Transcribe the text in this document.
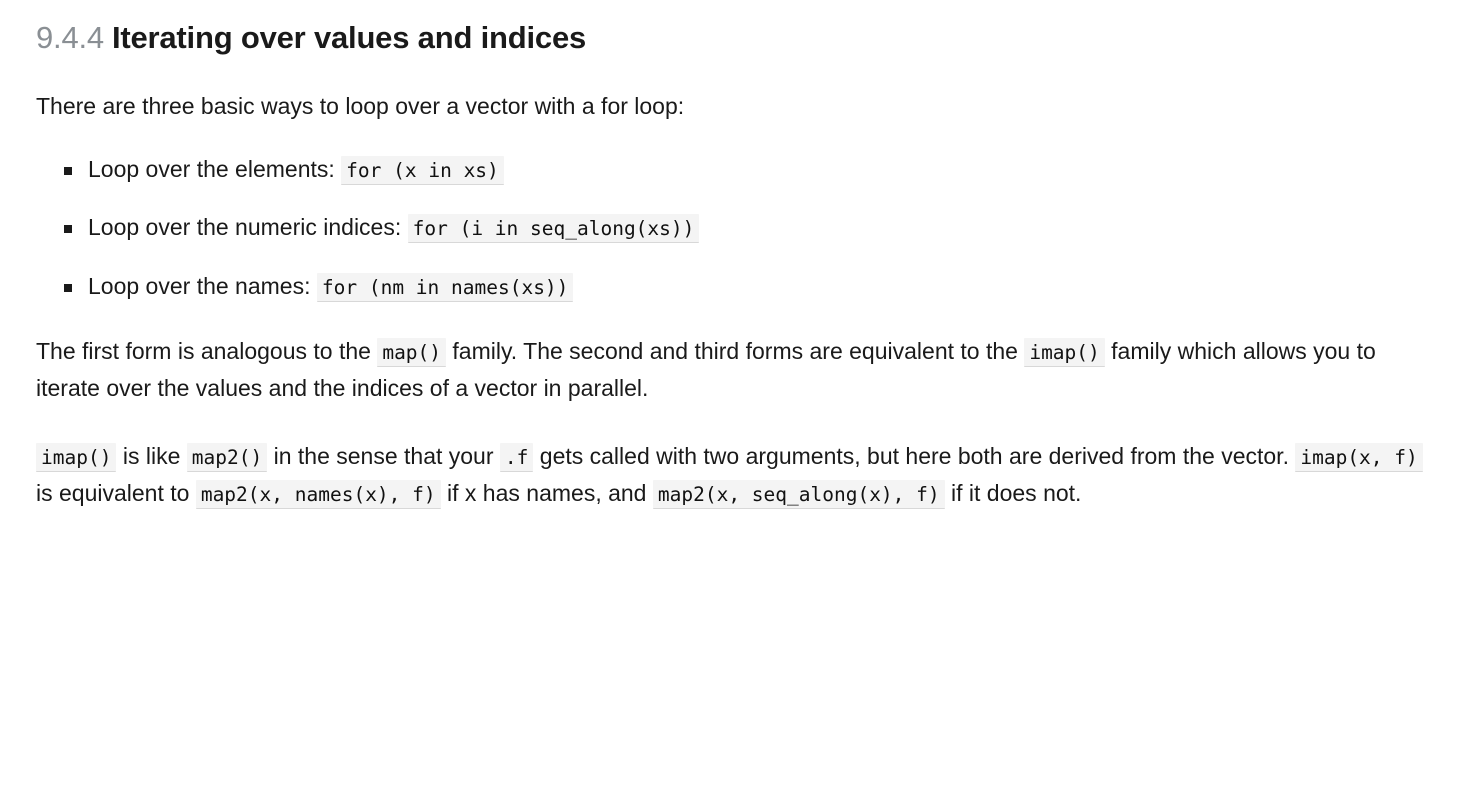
9.4.4 Iterating over values and indices

There are three basic ways to loop over a vector with a for loop:

Loop over the elements: for (x in xs)
Loop over the numeric indices: for (i in seq_along(xs))
Loop over the names: for (nm in names(xs))

The first form is analogous to the map() family. The second and third forms are equivalent to the imap() family which allows you to iterate over the values and the indices of a vector in parallel.

imap() is like map2() in the sense that your .f gets called with two arguments, but here both are derived from the vector. imap(x, f) is equivalent to map2(x, names(x), f) if x has names, and map2(x, seq_along(x), f) if it does not.
